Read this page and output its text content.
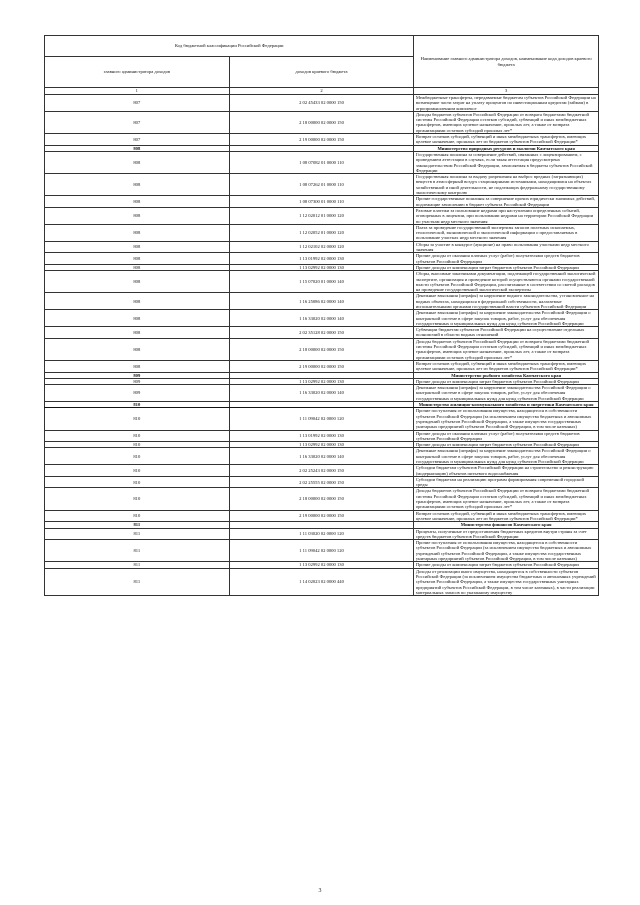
Код бюджетной классификации Российской Федерации		Наименование главного администратора доходов, наименование кода доходов краевого бюджета
главного администратора доходов	доходов краевого бюджета	
1	2	3
807	2 02 45433 02 0000 150	Межбюджетные трансферты, передаваемые бюджетам субъектов Российской Федерации на возмещение части затрат на уплату процентов по инвестиционным кредитам (займам) в агропромышленном комплексе
807	2 18 00000 02 0000 150	Доходы бюджетов субъектов Российской Федерации от возврата бюджетами бюджетной системы Российской Федерации остатков субсидий, субвенций и иных межбюджетных трансфертов, имеющих целевое назначение, прошлых лет, а также от возврата организациями остатков субсидий прошлых лет*
807	2 19 00000 02 0000 150	Возврат остатков субсидий, субвенций и иных межбюджетных трансфертов, имеющих целевое назначение, прошлых лет из бюджетов субъектов Российской Федерации*
808		Министерство природных ресурсов и экологии Камчатского края
808	1 08 07082 01 0000 110	Государственная пошлина за совершение действий, связанных с лицензированием, с проведением аттестации в случаях, если такая аттестация предусмотрена законодательством Российской Федерации, зачисляемая в бюджеты субъектов Российской Федерации
808	1 08 07262 01 0000 110	Государственная пошлина за выдачу разрешения на выброс вредных (загрязняющих) веществ в атмосферный воздух стационарными источниками, находящимися на объектах хозяйственной и иной деятельности, не подлежащих федеральному государственному экологическому контролю
808	1 08 07300 01 0000 110	Прочие государственные пошлины за совершение прочих юридически значимых действий, подлежащие зачислению в бюджет субъекта Российской Федерации
808	1 12 02012 01 0000 120	Разовые платежи за пользование недрами при наступлении определенных событий, оговоренных в лицензии, при пользовании недрами на территории Российской Федерации по участкам недр местного значения
808	1 12 02052 01 0000 120	Плата за проведение государственной экспертизы запасов полезных ископаемых, геологической, экономической и экологической информации о предоставляемых в пользование участках недр местного значения
808	1 12 02102 02 0000 120	Сборы за участие в конкурсе (аукционе) на право пользования участками недр местного значения
808	1 13 01992 02 0000 130	Прочие доходы от оказания платных услуг (работ) получателями средств бюджетов субъектов Российской Федерации
808	1 13 02992 02 0000 130	Прочие доходы от компенсации затрат бюджетов субъектов Российской Федерации
808	1 15 07020 01 0000 140	Сборы, вносимые заказчиками документации, подлежащей государственной экологической экспертизе, организация и проведение которой осуществляются органами государственной власти субъектов Российской Федерации, рассчитанные в соответствии со сметой расходов на проведение государственной экологической экспертизы
808	1 16 25086 02 0000 140	Денежные взыскания (штрафы) за нарушение водного законодательства, установленное на водных объектах, находящихся в федеральной собственности, налагаемые исполнительными органами государственной власти субъектов Российской Федерации
808	1 16 33020 02 0000 140	Денежные взыскания (штрафы) за нарушение законодательства Российской Федерации о контрактной системе в сфере закупок товаров, работ, услуг для обеспечения государственных и муниципальных нужд для нужд субъектов Российской Федерации
808	2 02 35128 02 0000 150	Субвенции бюджетам субъектов Российской Федерации на осуществление отдельных полномочий в области водных отношений
808	2 18 00000 02 0000 150	Доходы бюджетов субъектов Российской Федерации от возврата бюджетами бюджетной системы Российской Федерации остатков субсидий, субвенций и иных межбюджетных трансфертов, имеющих целевое назначение, прошлых лет, а также от возврата организациями остатков субсидий прошлых лет*
808	2 19 00000 02 0000 150	Возврат остатков субсидий, субвенций и иных межбюджетных трансфертов, имеющих целевое назначение, прошлых лет из бюджетов субъектов Российской Федерации*
809		Министерство рыбного хозяйства Камчатского края
809	1 13 02992 02 0000 130	Прочие доходы от компенсации затрат бюджетов субъектов Российской Федерации
809	1 16 33020 02 0000 140	Денежные взыскания (штрафы) за нарушение законодательства Российской Федерации о контрактной системе в сфере закупок товаров, работ, услуг для обеспечения государственных и муниципальных нужд для нужд субъектов Российской Федерации
810		Министерство жилищно-коммунального хозяйства и энергетики Камчатского края
810	1 11 09042 02 0000 120	Прочие поступления от использования имущества, находящегося в собственности субъектов Российской Федерации (за исключением имущества бюджетных и автономных учреждений субъектов Российской Федерации, а также имущества государственных унитарных предприятий субъектов Российской Федерации, в том числе казенных)
810	1 13 01992 02 0000 130	Прочие доходы от оказания платных услуг (работ) получателями средств бюджетов субъектов Российской Федерации
810	1 13 02992 02 0000 130	Прочие доходы от компенсации затрат бюджетов субъектов Российской Федерации
810	1 16 33020 02 0000 140	Денежные взыскания (штрафы) за нарушение законодательства Российской Федерации о контрактной системе в сфере закупок товаров, работ, услуг для обеспечения государственных и муниципальных нужд для нужд субъектов Российской Федерации
810	2 02 25243 02 0000 150	Субсидии бюджетам субъектов Российской Федерации на строительство и реконструкцию (модернизацию) объектов питьевого водоснабжения
810	2 02 25555 02 0000 150	Субсидии бюджетам на реализацию программ формирования современной городской среды
810	2 18 00000 02 0000 150	Доходы бюджетов субъектов Российской Федерации от возврата бюджетами бюджетной системы Российской Федерации остатков субсидий, субвенций и иных межбюджетных трансфертов, имеющих целевое назначение, прошлых лет, а также от возврата организациями остатков субсидий прошлых лет*
810	2 19 00000 02 0000 150	Возврат остатков субсидий, субвенций и иных межбюджетных трансфертов, имеющих целевое назначение, прошлых лет из бюджетов субъектов Российской Федерации*
811		Министерство финансов Камчатского края
811	1 11 03020 02 0000 120	Проценты, полученные от предоставления бюджетных кредитов внутри страны за счет средств бюджетов субъектов Российской Федерации
811	1 11 09042 02 0000 120	Прочие поступления от использования имущества, находящегося в собственности субъектов Российской Федерации (за исключением имущества бюджетных и автономных учреждений субъектов Российской Федерации, а также имущества государственных унитарных предприятий субъектов Российской Федерации, в том числе казенных)
811	1 13 02992 02 0000 130	Прочие доходы от компенсации затрат бюджетов субъектов Российской Федерации
811	1 14 02023 02 0000 440	Доходы от реализации иного имущества, находящегося в собственности субъектов Российской Федерации (за исключением имущества бюджетных и автономных учреждений субъектов Российской Федерации, а также имущества государственных унитарных предприятий субъектов Российской Федерации, в том числе казенных), в части реализации материальных запасов по указанному имуществу
3
